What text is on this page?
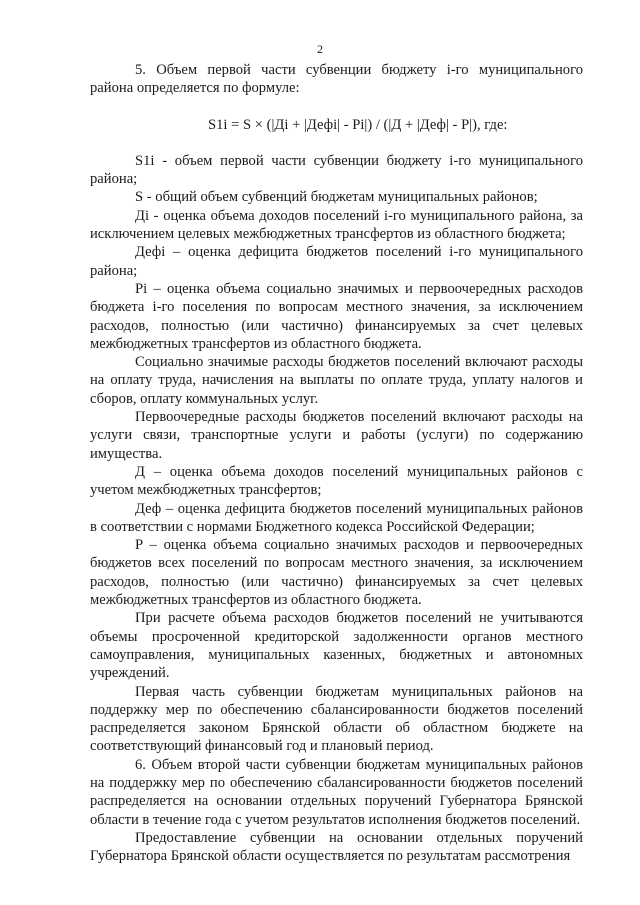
2

5. Объем первой части субвенции бюджету i-го муниципального района определяется по формуле:

S1i = S × (|Дi + |Дефi| - Pi|) / (|Д + |Деф| - P|), где:

S1i - объем первой части субвенции бюджету i-го муниципального района;

S - общий объем субвенций бюджетам муниципальных районов;

Дi - оценка объема доходов поселений i-го муниципального района, за исключением целевых межбюджетных трансфертов из областного бюджета;

Дефi – оценка дефицита бюджетов поселений i-го муниципального района;

Pi – оценка объема социально значимых и первоочередных расходов бюджета i-го поселения по вопросам местного значения, за исключением расходов, полностью (или частично) финансируемых за счет целевых межбюджетных трансфертов из областного бюджета.

Социально значимые расходы бюджетов поселений включают расходы на оплату труда, начисления на выплаты по оплате труда, уплату налогов и сборов, оплату коммунальных услуг.

Первоочередные расходы бюджетов поселений включают расходы на услуги связи, транспортные услуги и работы (услуги) по содержанию имущества.

Д – оценка объема доходов поселений муниципальных районов с учетом межбюджетных трансфертов;

Деф – оценка дефицита бюджетов поселений муниципальных районов в соответствии с нормами Бюджетного кодекса Российской Федерации;

P – оценка объема социально значимых расходов и первоочередных бюджетов всех поселений по вопросам местного значения, за исключением расходов, полностью (или частично) финансируемых за счет целевых межбюджетных трансфертов из областного бюджета.

При расчете объема расходов бюджетов поселений не учитываются объемы просроченной кредиторской задолженности органов местного самоуправления, муниципальных казенных, бюджетных и автономных учреждений.

Первая часть субвенции бюджетам муниципальных районов на поддержку мер по обеспечению сбалансированности бюджетов поселений распределяется законом Брянской области об областном бюджете на соответствующий финансовый год и плановый период.

6. Объем второй части субвенции бюджетам муниципальных районов на поддержку мер по обеспечению сбалансированности бюджетов поселений распределяется на основании отдельных поручений Губернатора Брянской области в течение года с учетом результатов исполнения бюджетов поселений.

Предоставление субвенции на основании отдельных поручений Губернатора Брянской области осуществляется по результатам рассмотрения
